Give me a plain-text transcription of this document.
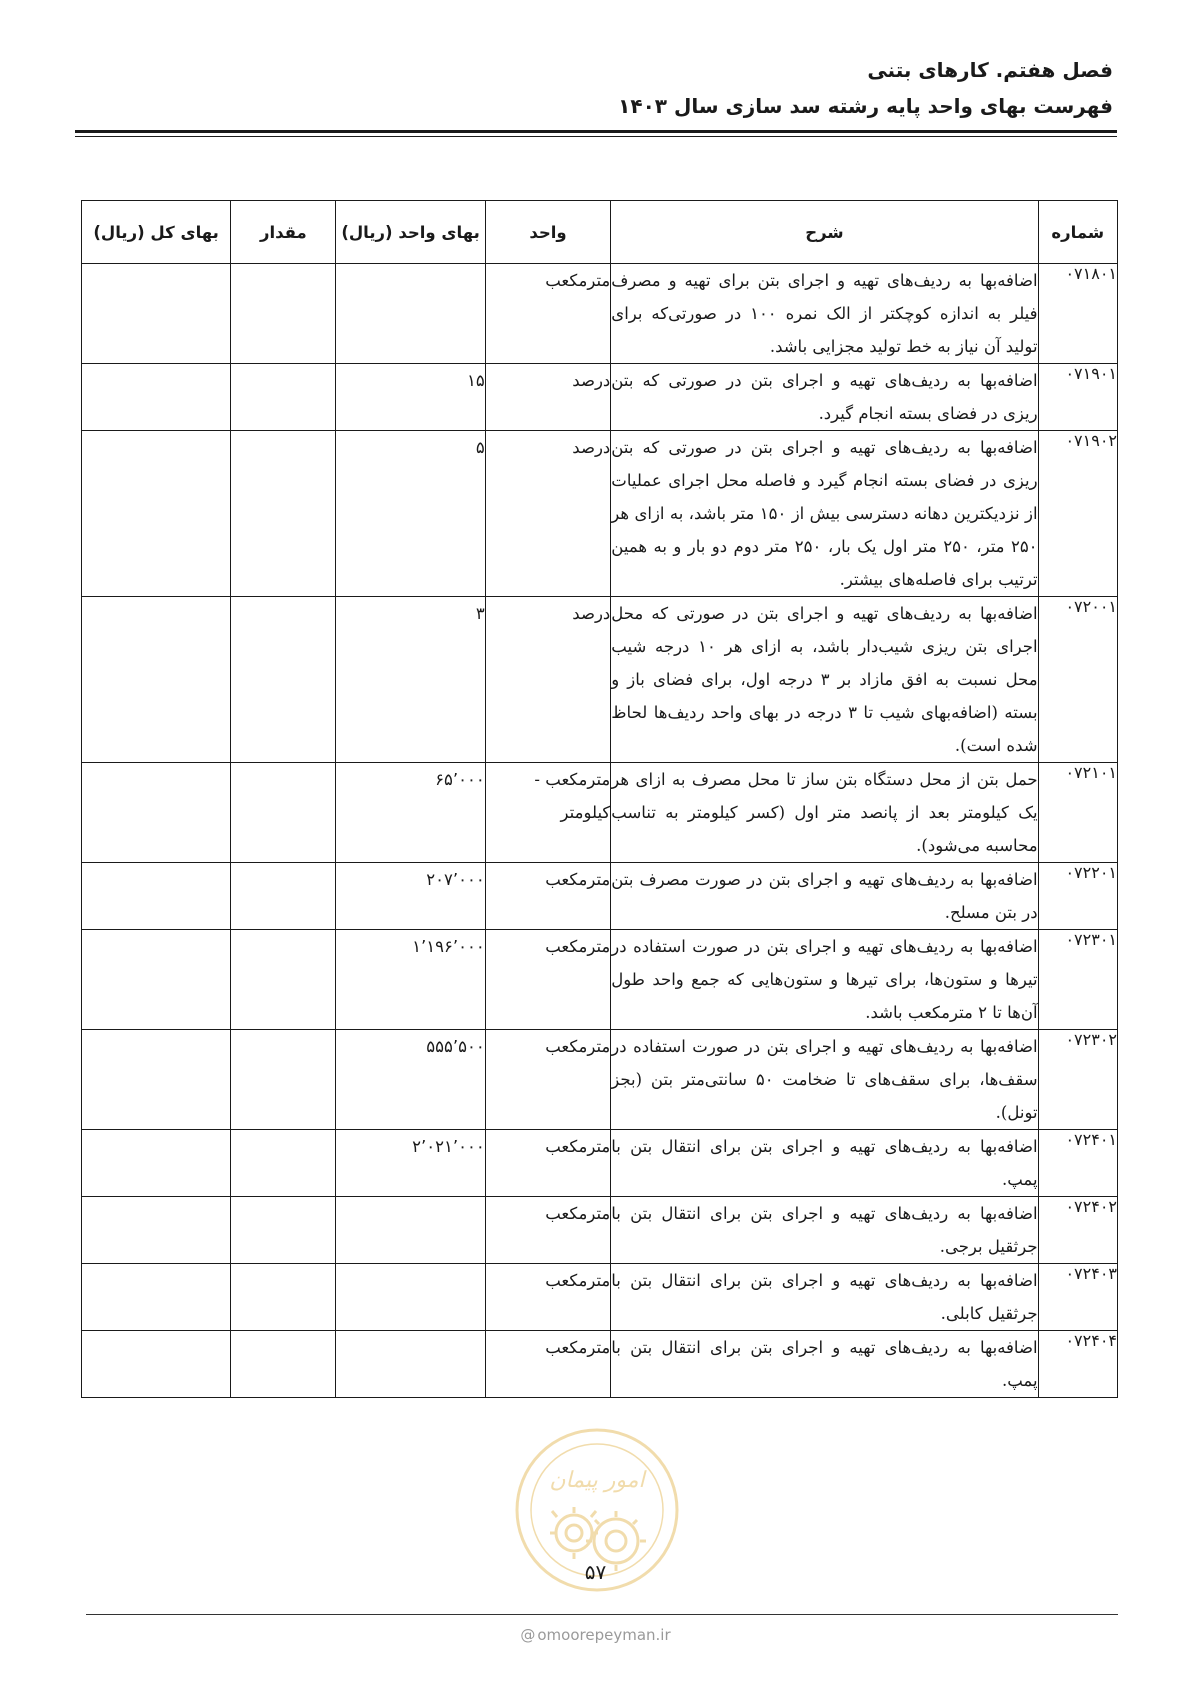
فصل هفتم. کارهای بتنی
فهرست بهای واحد پایه رشته سد سازی سال ۱۴۰۳
شماره	شرح	واحد	بهای واحد (ریال)	مقدار	بهای کل (ریال)
۰۷۱۸۰۱	اضافه‌بها به ردیف‌های تهیه و اجرای بتن برای تهیه و مصرف فیلر به اندازه کوچکتر از الک نمره ۱۰۰ در صورتی‌که برای تولید آن نیاز به خط تولید مجزایی باشد.	مترمکعب			
۰۷۱۹۰۱	اضافه‌بها به ردیف‌های تهیه و اجرای بتن در صورتی که بتن ریزی در فضای بسته انجام گیرد.	درصد	۱۵		
۰۷۱۹۰۲	اضافه‌بها به ردیف‌های تهیه و اجرای بتن در صورتی که بتن ریزی در فضای بسته انجام گیرد و فاصله محل اجرای عملیات از نزدیکترین دهانه دسترسی بیش از ۱۵۰ متر باشد، به ازای هر ۲۵۰ متر، ۲۵۰ متر اول یک بار، ۲۵۰ متر دوم دو بار و به همین ترتیب برای فاصله‌های بیشتر.	درصد	۵		
۰۷۲۰۰۱	اضافه‌بها به ردیف‌های تهیه و اجرای بتن در صورتی که محل اجرای بتن ریزی شیب‌دار باشد، به ازای هر ۱۰ درجه شیب محل نسبت به افق مازاد بر ۳ درجه اول، برای فضای باز و بسته (اضافه‌بهای شیب تا ۳ درجه در بهای واحد ردیف‌ها لحاظ شده است).	درصد	۳		
۰۷۲۱۰۱	حمل بتن از محل دستگاه بتن ساز تا محل مصرف به ازای هر یک کیلومتر بعد از پانصد متر اول (کسر کیلومتر به تناسب محاسبه می‌شود).	مترمکعب - کیلومتر	۶۵٬۰۰۰		
۰۷۲۲۰۱	اضافه‌بها به ردیف‌های تهیه و اجرای بتن در صورت مصرف بتن در بتن مسلح.	مترمکعب	۲۰۷٬۰۰۰		
۰۷۲۳۰۱	اضافه‌بها به ردیف‌های تهیه و اجرای بتن در صورت استفاده در تیرها و ستون‌ها، برای تیرها و ستون‌هایی که جمع واحد طول آن‌ها تا ۲ مترمکعب باشد.	مترمکعب	۱٬۱۹۶٬۰۰۰		
۰۷۲۳۰۲	اضافه‌بها به ردیف‌های تهیه و اجرای بتن در صورت استفاده در سقف‌ها، برای سقف‌های تا ضخامت ۵۰ سانتی‌متر بتن (بجز تونل).	مترمکعب	۵۵۵٬۵۰۰		
۰۷۲۴۰۱	اضافه‌بها به ردیف‌های تهیه و اجرای بتن برای انتقال بتن با پمپ.	مترمکعب	۲٬۰۲۱٬۰۰۰		
۰۷۲۴۰۲	اضافه‌بها به ردیف‌های تهیه و اجرای بتن برای انتقال بتن با جرثقیل برجی.	مترمکعب			
۰۷۲۴۰۳	اضافه‌بها به ردیف‌های تهیه و اجرای بتن برای انتقال بتن با جرثقیل کابلی.	مترمکعب			
۰۷۲۴۰۴	اضافه‌بها به ردیف‌های تهیه و اجرای بتن برای انتقال بتن با پمپ.	مترمکعب			
امور پیمان
۵۷
@ omoorepeyman.ir
